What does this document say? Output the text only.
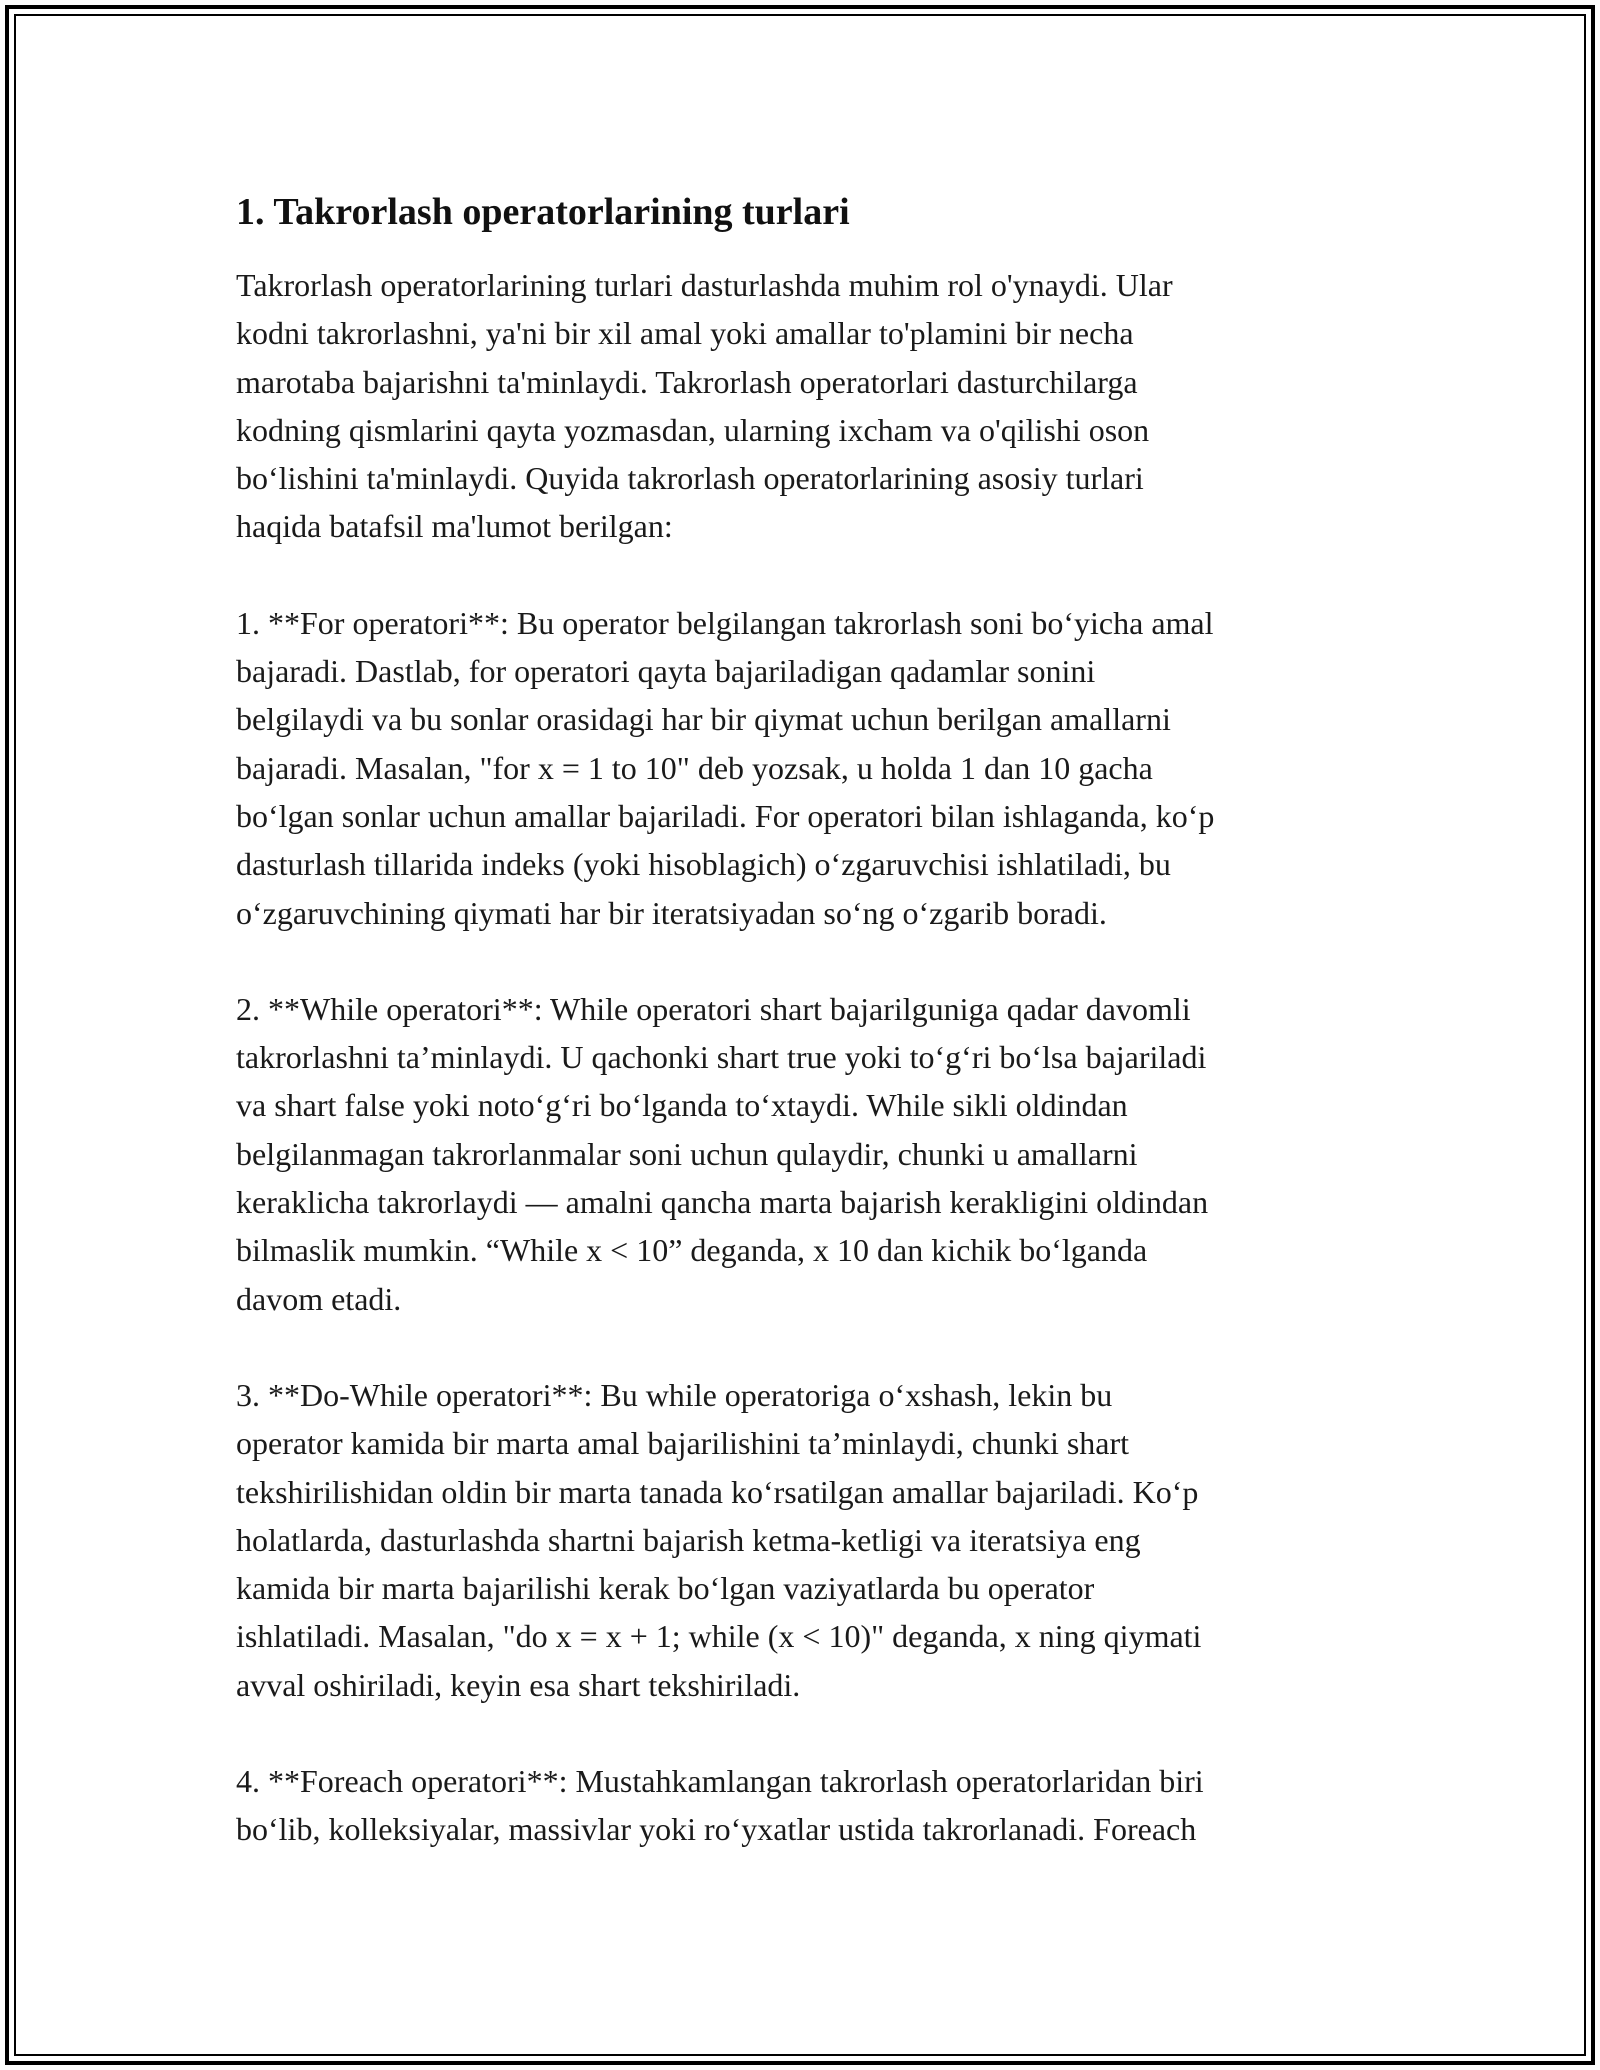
1. Takrorlash operatorlarining turlari

Takrorlash operatorlarining turlari dasturlashda muhim rol o'ynaydi. Ular
kodni takrorlashni, ya'ni bir xil amal yoki amallar to'plamini bir necha
marotaba bajarishni ta'minlaydi. Takrorlash operatorlari dasturchilarga
kodning qismlarini qayta yozmasdan, ularning ixcham va o'qilishi oson
boʻlishini ta'minlaydi. Quyida takrorlash operatorlarining asosiy turlari
haqida batafsil ma'lumot berilgan:

1. **For operatori**: Bu operator belgilangan takrorlash soni boʻyicha amal
bajaradi. Dastlab, for operatori qayta bajariladigan qadamlar sonini
belgilaydi va bu sonlar orasidagi har bir qiymat uchun berilgan amallarni
bajaradi. Masalan, "for x = 1 to 10" deb yozsak, u holda 1 dan 10 gacha
boʻlgan sonlar uchun amallar bajariladi. For operatori bilan ishlaganda, koʻp
dasturlash tillarida indeks (yoki hisoblagich) oʻzgaruvchisi ishlatiladi, bu
oʻzgaruvchining qiymati har bir iteratsiyadan soʻng oʻzgarib boradi.

2. **While operatori**: While operatori shart bajarilguniga qadar davomli
takrorlashni ta’minlaydi. U qachonki shart true yoki toʻgʻri boʻlsa bajariladi
va shart false yoki notoʻgʻri boʻlganda toʻxtaydi. While sikli oldindan
belgilanmagan takrorlanmalar soni uchun qulaydir, chunki u amallarni
keraklicha takrorlaydi — amalni qancha marta bajarish kerakligini oldindan
bilmaslik mumkin. “While x < 10” deganda, x 10 dan kichik boʻlganda
davom etadi.

3. **Do-While operatori**: Bu while operatoriga oʻxshash, lekin bu
operator kamida bir marta amal bajarilishini ta’minlaydi, chunki shart
tekshirilishidan oldin bir marta tanada koʻrsatilgan amallar bajariladi. Koʻp
holatlarda, dasturlashda shartni bajarish ketma-ketligi va iteratsiya eng
kamida bir marta bajarilishi kerak boʻlgan vaziyatlarda bu operator
ishlatiladi. Masalan, "do x = x + 1; while (x < 10)" deganda, x ning qiymati
avval oshiriladi, keyin esa shart tekshiriladi.

4. **Foreach operatori**: Mustahkamlangan takrorlash operatorlaridan biri
boʻlib, kolleksiyalar, massivlar yoki roʻyxatlar ustida takrorlanadi. Foreach
